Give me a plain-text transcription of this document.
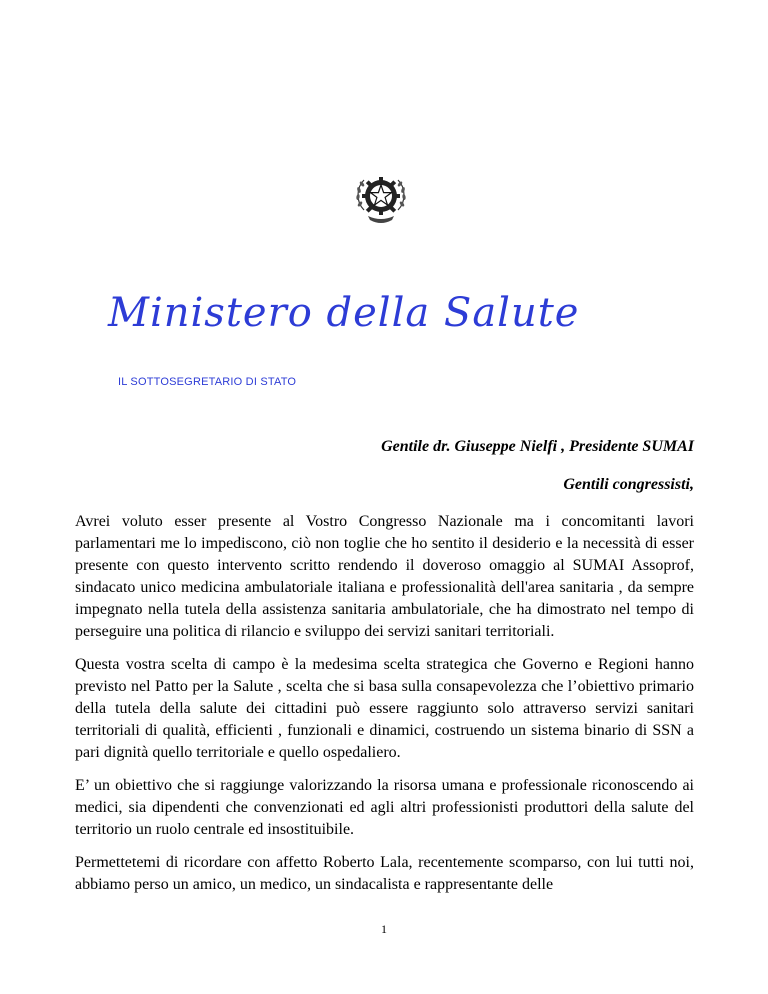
Ministero della Salute
IL SOTTOSEGRETARIO DI STATO
Gentile dr. Giuseppe Nielfi , Presidente SUMAI
Gentili congressisti,

Avrei voluto esser presente al Vostro Congresso Nazionale ma i concomitanti lavori parlamentari me lo impediscono, ciò non toglie che ho sentito il desiderio e la necessità di esser presente con questo intervento scritto rendendo il doveroso omaggio al SUMAI Assoprof, sindacato unico medicina ambulatoriale italiana e professionalità dell'area sanitaria , da sempre impegnato nella tutela della assistenza sanitaria ambulatoriale, che ha dimostrato nel tempo di perseguire una politica di rilancio e sviluppo dei servizi sanitari territoriali.

Questa vostra scelta di campo è la medesima scelta strategica che Governo e Regioni hanno previsto nel Patto per la Salute , scelta che si basa sulla consapevolezza che l’obiettivo primario della tutela della salute dei cittadini può essere raggiunto solo attraverso servizi sanitari territoriali di qualità, efficienti , funzionali e dinamici, costruendo un sistema binario di SSN a pari dignità quello territoriale e quello ospedaliero.

E’ un obiettivo che si raggiunge valorizzando la risorsa umana e professionale riconoscendo ai medici, sia dipendenti che convenzionati ed agli altri professionisti produttori della salute del territorio un ruolo centrale ed insostituibile.

Permettetemi di ricordare con affetto Roberto Lala, recentemente scomparso, con lui tutti noi, abbiamo perso un amico, un medico, un sindacalista e rappresentante delle

1
